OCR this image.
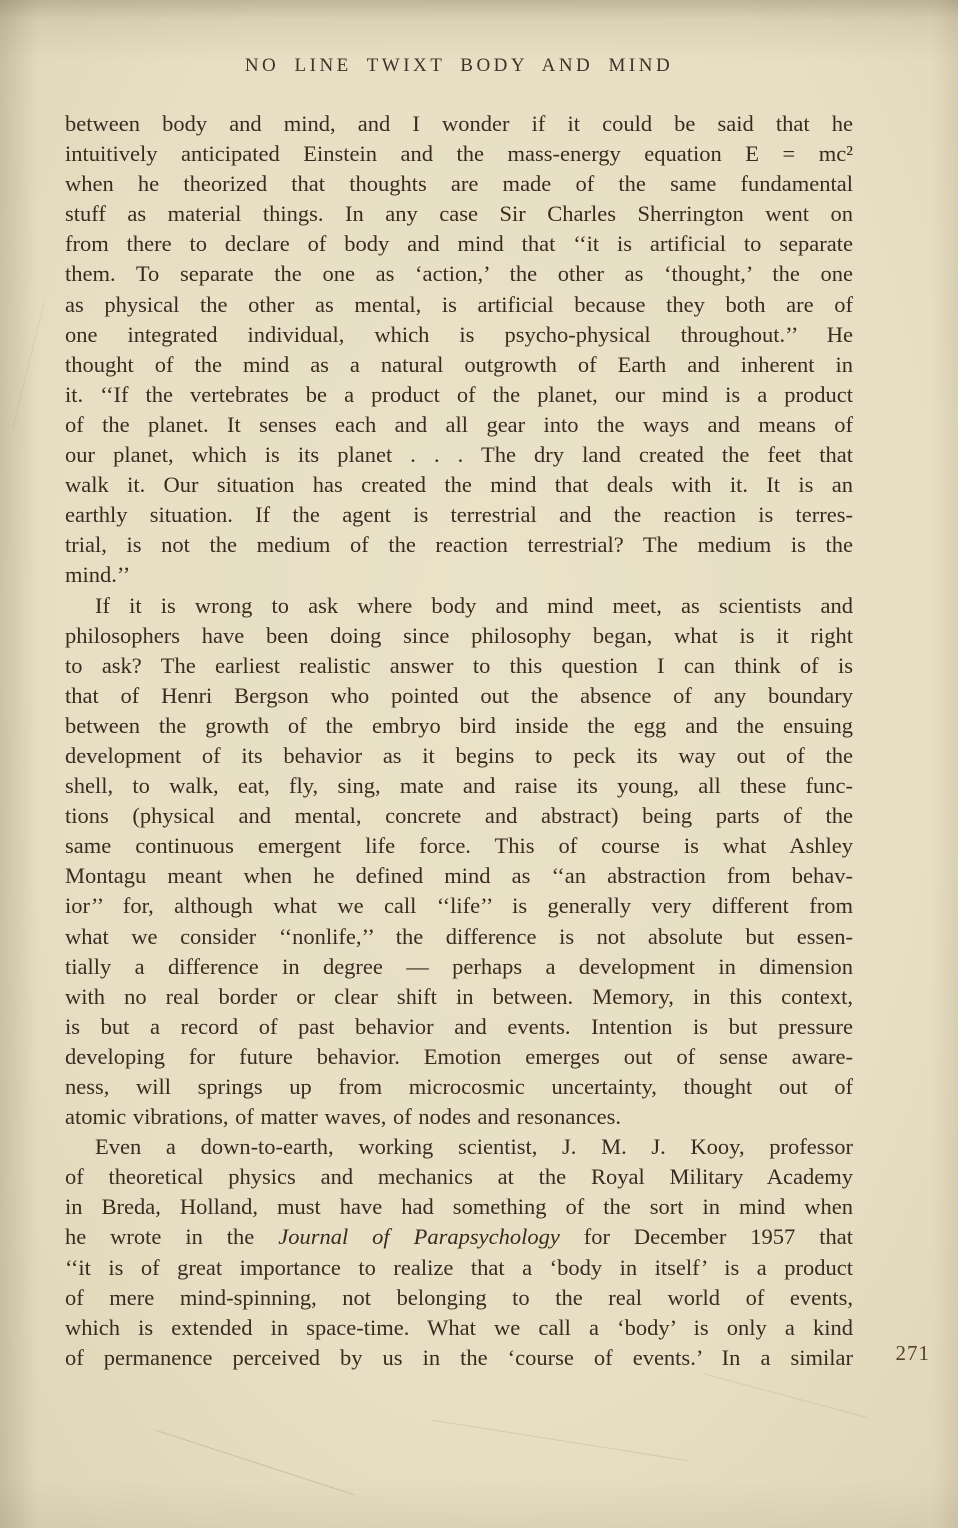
NO LINE TWIXT BODY AND MIND
between body and mind, and I wonder if it could be said that he
intuitively anticipated Einstein and the mass-energy equation E = mc²
when he theorized that thoughts are made of the same fundamental
stuff as material things. In any case Sir Charles Sherrington went on
from there to declare of body and mind that ‘‘it is artificial to separate
them. To separate the one as ‘action,’ the other as ‘thought,’ the one
as physical the other as mental, is artificial because they both are of
one integrated individual, which is psycho-physical throughout.’’ He
thought of the mind as a natural outgrowth of Earth and inherent in
it. ‘‘If the vertebrates be a product of the planet, our mind is a product
of the planet. It senses each and all gear into the ways and means of
our planet, which is its planet . . . The dry land created the feet that
walk it. Our situation has created the mind that deals with it. It is an
earthly situation. If the agent is terrestrial and the reaction is terres-
trial, is not the medium of the reaction terrestrial? The medium is the
mind.’’
If it is wrong to ask where body and mind meet, as scientists and
philosophers have been doing since philosophy began, what is it right
to ask? The earliest realistic answer to this question I can think of is
that of Henri Bergson who pointed out the absence of any boundary
between the growth of the embryo bird inside the egg and the ensuing
development of its behavior as it begins to peck its way out of the
shell, to walk, eat, fly, sing, mate and raise its young, all these func-
tions (physical and mental, concrete and abstract) being parts of the
same continuous emergent life force. This of course is what Ashley
Montagu meant when he defined mind as ‘‘an abstraction from behav-
ior’’ for, although what we call ‘‘life’’ is generally very different from
what we consider ‘‘nonlife,’’ the difference is not absolute but essen-
tially a difference in degree — perhaps a development in dimension
with no real border or clear shift in between. Memory, in this context,
is but a record of past behavior and events. Intention is but pressure
developing for future behavior. Emotion emerges out of sense aware-
ness, will springs up from microcosmic uncertainty, thought out of
atomic vibrations, of matter waves, of nodes and resonances.
Even a down-to-earth, working scientist, J. M. J. Kooy, professor
of theoretical physics and mechanics at the Royal Military Academy
in Breda, Holland, must have had something of the sort in mind when
he wrote in the Journal of Parapsychology for December 1957 that
‘‘it is of great importance to realize that a ‘body in itself’ is a product
of mere mind-spinning, not belonging to the real world of events,
which is extended in space-time. What we call a ‘body’ is only a kind
of permanence perceived by us in the ‘course of events.’ In a similar 271
